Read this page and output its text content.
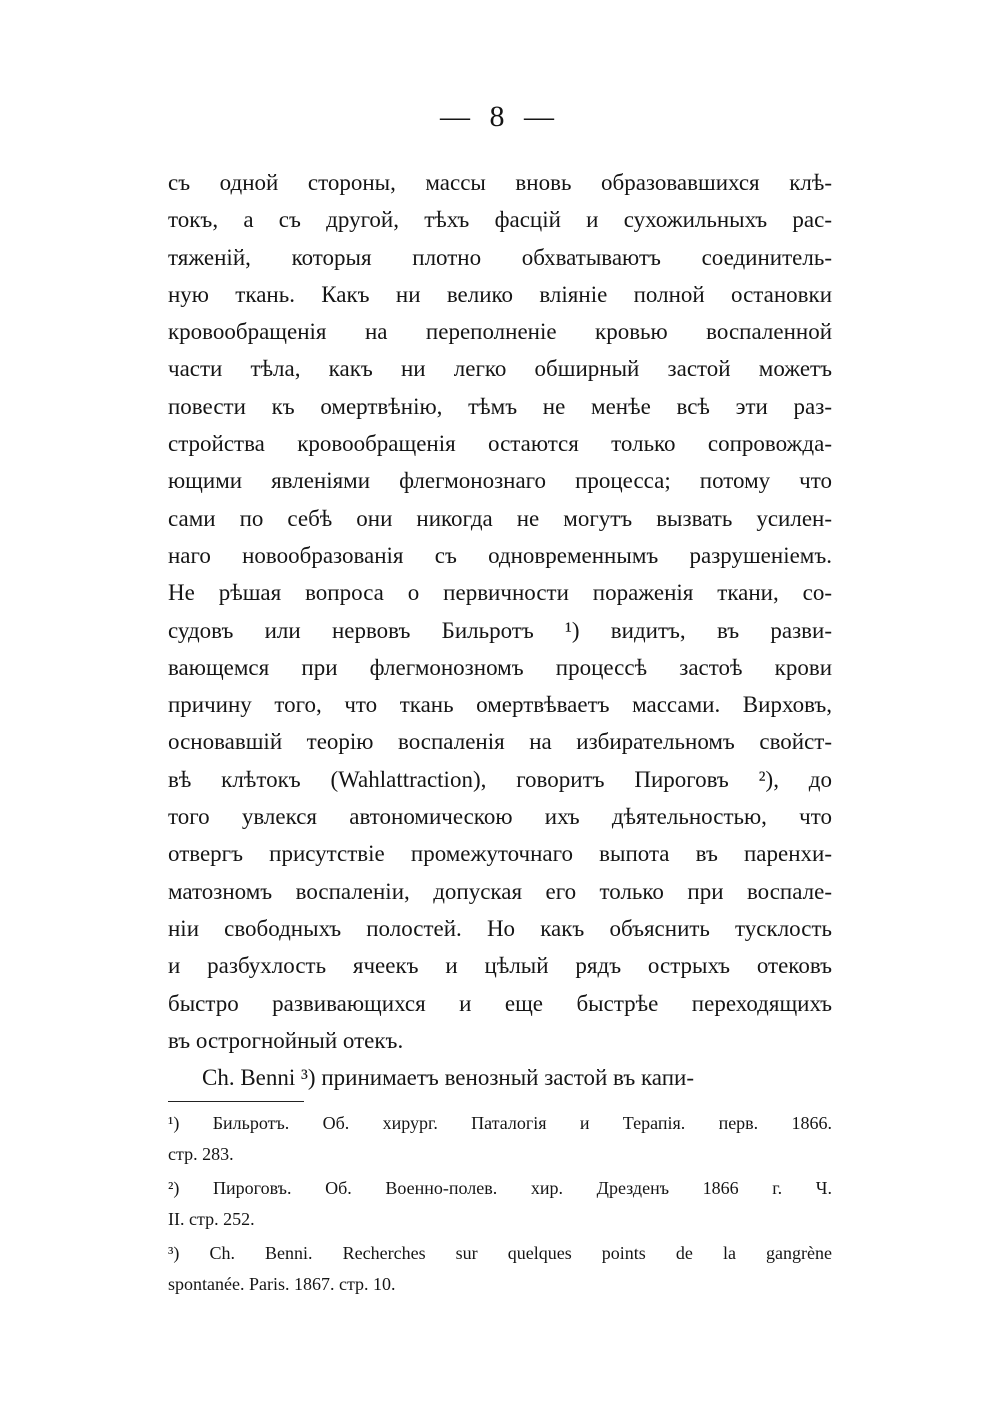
— 8 —
съ одной стороны, массы вновь образовавшихся клѣ-
токъ, а съ другой, тѣхъ фасцій и сухожильныхъ рас-
тяженій, которыя плотно обхватываютъ соединитель-
ную ткань. Какъ ни велико вліяніе полной остановки
кровообращенія на переполненіе кровью воспаленной
части тѣла, какъ ни легко обширный застой можетъ
повести къ омертвѣнію, тѣмъ не менѣе всѣ эти раз-
стройства кровообращенія остаются только сопровожда-
ющими явленіями флегмонознаго процесса; потому что
сами по себѣ они никогда не могутъ вызвать усилен-
наго новообразованія съ одновременнымъ разрушеніемъ.
Не рѣшая вопроса о первичности пораженія ткани, со-
судовъ или нервовъ Бильротъ ¹) видитъ, въ разви-
вающемся при флегмонозномъ процессѣ застоѣ крови
причину того, что ткань омертвѣваетъ массами. Вирховъ,
основавшій теорію воспаленія на избирательномъ свойст-
вѣ клѣтокъ (Wahlattraction), говоритъ Пироговъ ²), до
того увлекся автономическою ихъ дѣятельностью, что
отвергъ присутствіе промежуточнаго выпота въ паренхи-
матозномъ воспаленіи, допуская его только при воспале-
ніи свободныхъ полостей. Но какъ объяснить тусклость
и разбухлость ячеекъ и цѣлый рядъ острыхъ отековъ
быстро развивающихся и еще быстрѣе переходящихъ
въ острогнойный отекъ.
Ch. Benni ³) принимаетъ венозный застой въ капи-
¹) Бильротъ. Об. хирург. Паталогія и Терапія. перв. 1866.
стр. 283.
²) Пироговъ. Об. Военно-полев. хир. Дрезденъ 1866 г. Ч.
II. стр. 252.
³) Ch. Benni. Recherches sur quelques points de la gangrène
spontanée. Paris. 1867. стр. 10.
